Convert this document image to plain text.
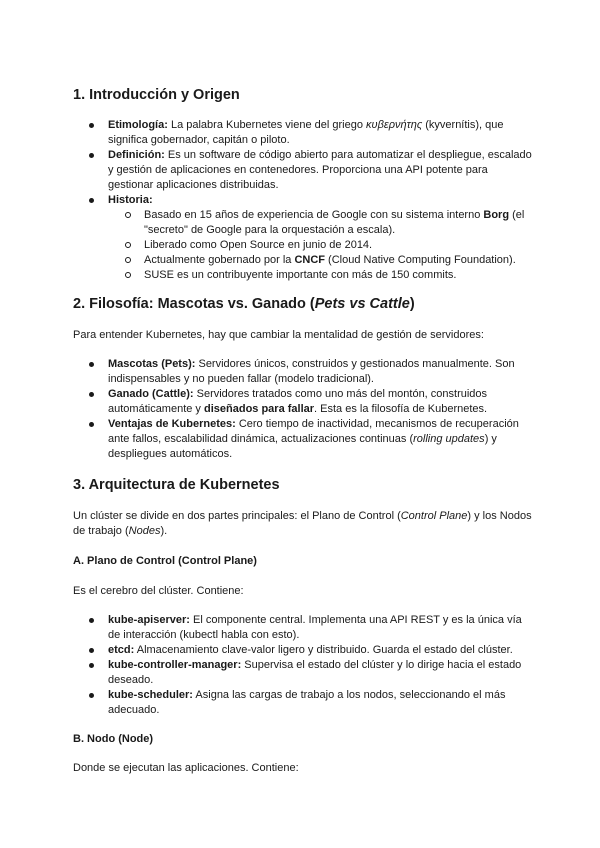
1. Introducción y Origen
Etimología: La palabra Kubernetes viene del griego κυβερνήτης (kyvernítis), que significa gobernador, capitán o piloto.
Definición: Es un software de código abierto para automatizar el despliegue, escalado y gestión de aplicaciones en contenedores. Proporciona una API potente para gestionar aplicaciones distribuidas.
Historia:
Basado en 15 años de experiencia de Google con su sistema interno Borg (el "secreto" de Google para la orquestación a escala).
Liberado como Open Source en junio de 2014.
Actualmente gobernado por la CNCF (Cloud Native Computing Foundation).
SUSE es un contribuyente importante con más de 150 commits.
2. Filosofía: Mascotas vs. Ganado (Pets vs Cattle)

Para entender Kubernetes, hay que cambiar la mentalidad de gestión de servidores:

Mascotas (Pets): Servidores únicos, construidos y gestionados manualmente. Son indispensables y no pueden fallar (modelo tradicional).
Ganado (Cattle): Servidores tratados como uno más del montón, construidos automáticamente y diseñados para fallar. Esta es la filosofía de Kubernetes.
Ventajas de Kubernetes: Cero tiempo de inactividad, mecanismos de recuperación ante fallos, escalabilidad dinámica, actualizaciones continuas (rolling updates) y despliegues automáticos.
3. Arquitectura de Kubernetes

Un clúster se divide en dos partes principales: el Plano de Control (Control Plane) y los Nodos de trabajo (Nodes).

A. Plano de Control (Control Plane)

Es el cerebro del clúster. Contiene:

kube-apiserver: El componente central. Implementa una API REST y es la única vía de interacción (kubectl habla con esto).
etcd: Almacenamiento clave-valor ligero y distribuido. Guarda el estado del clúster.
kube-controller-manager: Supervisa el estado del clúster y lo dirige hacia el estado deseado.
kube-scheduler: Asigna las cargas de trabajo a los nodos, seleccionando el más adecuado.
B. Nodo (Node)

Donde se ejecutan las aplicaciones. Contiene:
